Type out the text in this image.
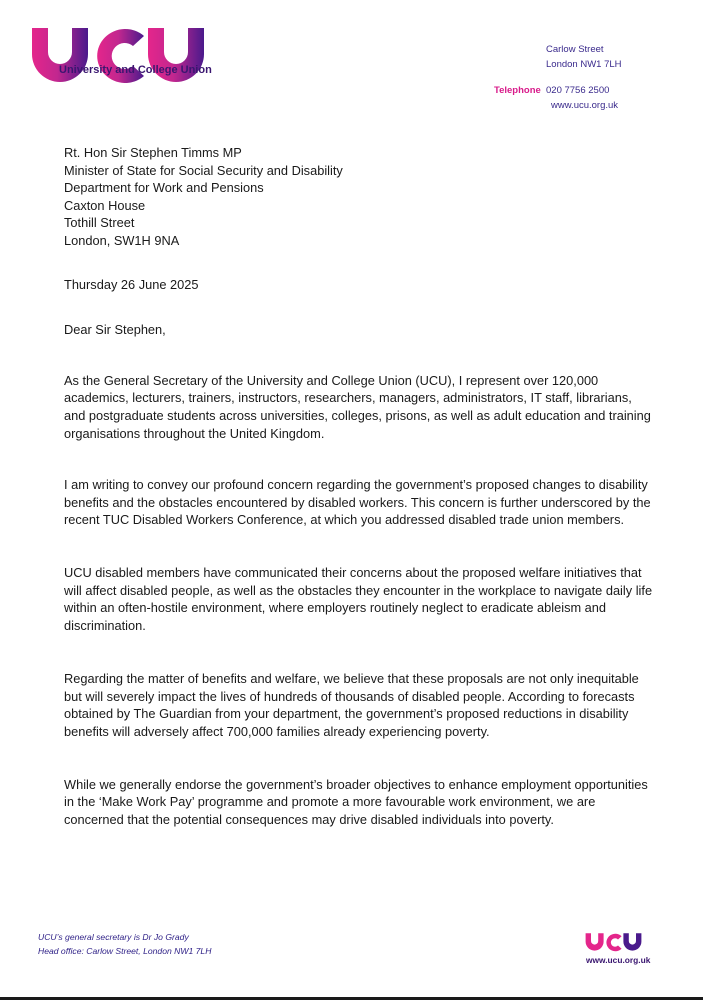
University and College Union
Carlow Street
London NW1 7LH
Telephone 020 7756 2500
www.ucu.org.uk
Rt. Hon Sir Stephen Timms MP
Minister of State for Social Security and Disability
Department for Work and Pensions
Caxton House
Tothill Street
London, SW1H 9NA
Thursday 26 June 2025
Dear Sir Stephen,

As the General Secretary of the University and College Union (UCU), I represent over 120,000 academics, lecturers, trainers, instructors, researchers, managers, administrators, IT staff, librarians, and postgraduate students across universities, colleges, prisons, as well as adult education and training organisations throughout the United Kingdom.

I am writing to convey our profound concern regarding the government’s proposed changes to disability benefits and the obstacles encountered by disabled workers. This concern is further underscored by the recent TUC Disabled Workers Conference, at which you addressed disabled trade union members.

UCU disabled members have communicated their concerns about the proposed welfare initiatives that will affect disabled people, as well as the obstacles they encounter in the workplace to navigate daily life within an often-hostile environment, where employers routinely neglect to eradicate ableism and discrimination.

Regarding the matter of benefits and welfare, we believe that these proposals are not only inequitable but will severely impact the lives of hundreds of thousands of disabled people. According to forecasts obtained by The Guardian from your department, the government’s proposed reductions in disability benefits will adversely affect 700,000 families already experiencing poverty.

While we generally endorse the government’s broader objectives to enhance employment opportunities in the ‘Make Work Pay’ programme and promote a more favourable work environment, we are concerned that the potential consequences may drive disabled individuals into poverty.

UCU’s general secretary is Dr Jo Grady
Head office: Carlow Street, London NW1 7LH
www.ucu.org.uk
